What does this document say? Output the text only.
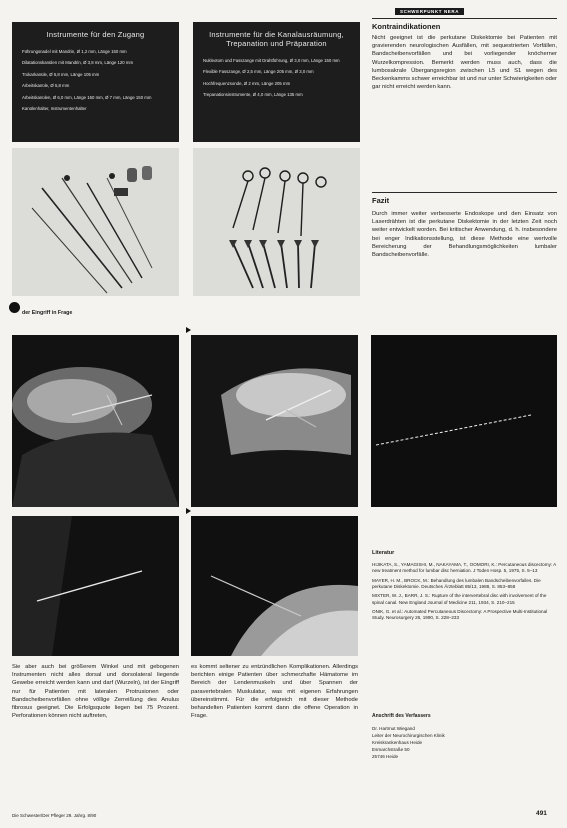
SCHWERPUNKT NERA
Instrumente für den Zugang
Führungsnadel mit Mandrin, Ø 1,2 mm, Länge 150 mm
Dilatationskanülen mit Mandrin, Ø 3,8 mm, Länge 120 mm
Trokarkanüle, Ø 5,8 mm, Länge 105 mm
Arbeitskanüle, Ø 5,8 mm
Arbeitskanülen, Ø 6,0 mm, Länge 150 mm, Ø 7 mm, Länge 150 mm
Kanülenhalter, Instrumentenhalter
Instrumente für die Kanalausräumung, Trepanation und Präparation
Nukleotom und Fasszange mit Drahtführung, Ø 3,0 mm, Länge 150 mm
Flexible Fasszange, Ø 2,5 mm, Länge 205 mm, Ø 3,0 mm
Hochfrequenzsonde, Ø 2 mm, Länge 205 mm
Trepanationsinstrumente, Ø 4,0 mm, Länge 135 mm
Kontraindikationen
Nicht geeignet ist die perkutane Diskektomie bei Patienten mit gravierenden neurologischen Ausfällen, mit sequestrierten Vorfällen, Bandscheibenvorfällen und bei vorliegender knöcherner Wurzelkompression. Bemerkt werden muss auch, dass die lumbosakrale Übergangsregion zwischen L5 und S1 wegen des Beckenkamms schwer erreichbar ist und nur unter Schwierigkeiten oder gar nicht erreicht werden kann.
Fazit
Durch immer weiter verbesserte Endoskope und den Einsatz von Laserdrähten ist die perkutane Diskektomie in der letzten Zeit noch weiter entwickelt worden. Bei kritischer Anwendung, d. h. insbesondere bei enger Indikationsstellung, ist diese Methode eine wertvolle Bereicherung der Behandlungsmöglichkeiten lumbaler Bandscheibenvorfälle.
der Eingriff in Frage
Literatur

HIJIKATA, S., YAMAGISHI, M., NAKAYAMA, T., OOMORI, K.: Percutaneous discectomy: A new treatment method for lumbar disc herniation. J Toden Hosp. 5, 1975, S. 5–13

MAYER, H. M., BROCK, M.: Behandlung des lumbalen Bandscheibenvorfalles. Die perkutane Diskektomie. Deutsches Ärzteblatt 85/13, 1988, S. 853–858

MIXTER, W. J., BARR, J. S.: Rupture of the intervertebral disc with involvement of the spinal canal. New England Journal of Medicine 211, 1934, S. 210–215

ONIK, G. et al.: Automated Percutaneous Discectomy: A Prospective Multi-Institutional Study. Neurosurgery 26, 1990, S. 228–233

Anschrift des Verfassers
Dr. Hartmut Wiegand
Leiter der Neurochirurgischen Klinik
Kreiskrankenhaus Heide
Esmarchstraße 50
25746 Heide
Sie aber auch bei größerem Winkel und mit gebogenen Instrumenten nicht alles dorsal und dorsolateral liegende Gewebe erreicht werden kann und darf (Wurzeln), ist der Eingriff nur für Patienten mit lateralen Protrusionen oder Bandscheibenvorfällen ohne völlige Zerreißung des Anulus fibrosus geeignet. Die Erfolgsquote liegen bei 75 Prozent. Perforationen können nicht auftreten,
es kommt seltener zu entzündlichen Komplikationen. Allerdings berichten einige Patienten über schmerzhafte Hämatome im Bereich der Lendenmuskeln und über Spannen der paravertebralen Muskulatur, was mit eigenen Erfahrungen übereinstimmt. Für die erfolgreich mit dieser Methode behandelten Patienten kommt dann die offene Operation in Frage.
Die Schwester/Der Pfleger 29. Jahrg. 8/90	491
